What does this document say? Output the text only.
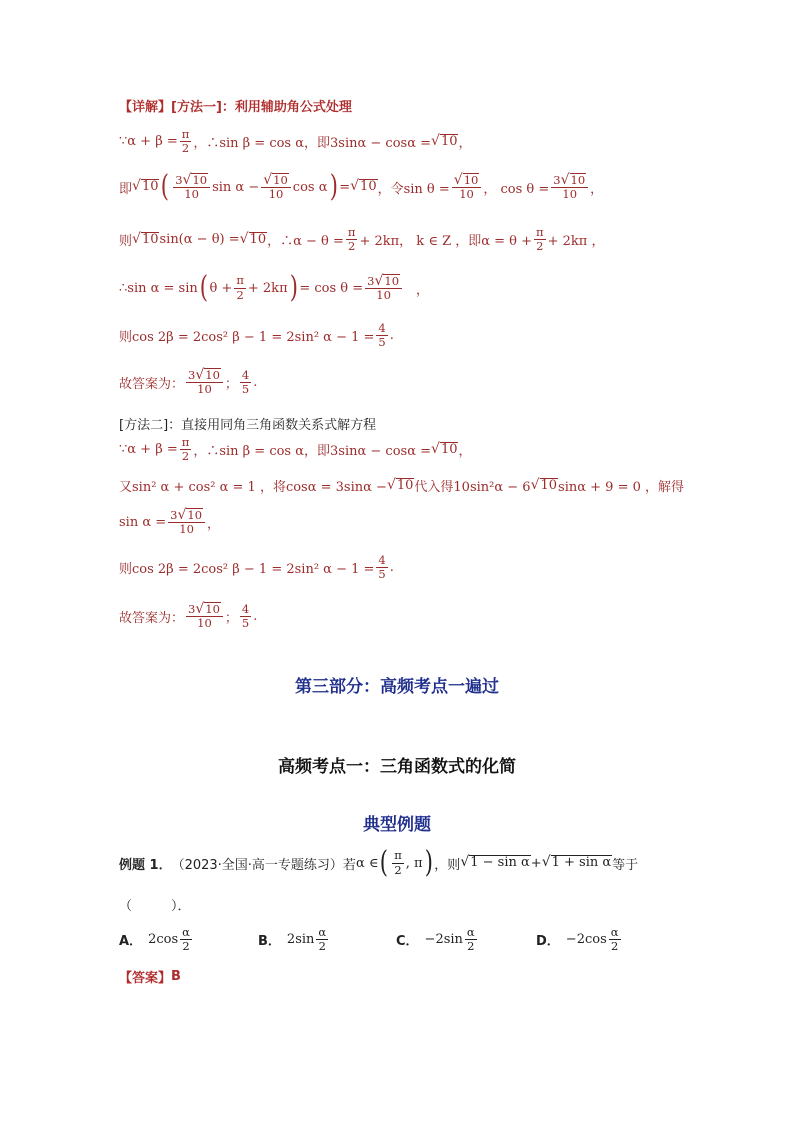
【详解】 [方法一]：利用辅助角公式处理
∵α + $\beta = \frac{\pi}{2}$ ，∴sin β = cos α，即3sinα − cosα = √ 10 ，
即 √ 10 ( $\frac{3 √ 10}{10}$ $\sin \alpha - \frac{√ 10}{10}$ cos α ) = √ 10 ，令$\sin \theta = \frac{√ 10}{10}$ ， $\cos \theta = \frac{3 √ 10}{10}$ ，
则 √ 10 sin(α − θ) = √ 10 ，∴α − $\theta = \frac{\pi}{2} + 2k\pi$， k ∈ Z ，即$\alpha = \theta + \frac{\pi}{2} + 2k\pi$ ，
∴sin α = sin ( $\theta + \frac{\pi}{2} + 2k\pi$ ) = $\cos \theta = \frac{3 √ 10}{10}$ ，
则cos 2β = 2cos² β − 1 = 2sin² $\alpha - 1 = \frac{4}{5}$ .
故答案为： $\frac{3 √ 10}{10}$ ； $\frac{4}{5}$ .
[方法二]：直接用同角三角函数关系式解方程
∵α + $\beta = \frac{\pi}{2}$ ，∴sin β = cos α，即3sinα − cosα = √ 10 ，
又sin² α + cos² α = 1 ，将cosα = 3sinα − √ 10 代入得10sin²α − 6 √ 10 sinα + 9 = 0 ，解得
$\sin \alpha = \frac{3 √ 10}{10}$ ，
则cos 2β = 2cos² β − 1 = 2sin² $\alpha - 1 = \frac{4}{5}$ .
故答案为： $\frac{3 √ 10}{10}$ ； $\frac{4}{5}$ .
第三部分：高频考点一遍过
高频考点一：三角函数式的化简
典型例题
例题 1． （2023·全国·高一专题练习）若 α ∈ ( $\frac{\pi}{2}$ , π ) ，则 √ 1 − sin α + √ 1 + sin α 等于
（　　　）．
A． $2\cos \frac{\alpha}{2}$	B． $2\sin \frac{\alpha}{2}$	C． $-2\sin \frac{\alpha}{2}$	D． $-2\cos \frac{\alpha}{2}$
【答案】 B
